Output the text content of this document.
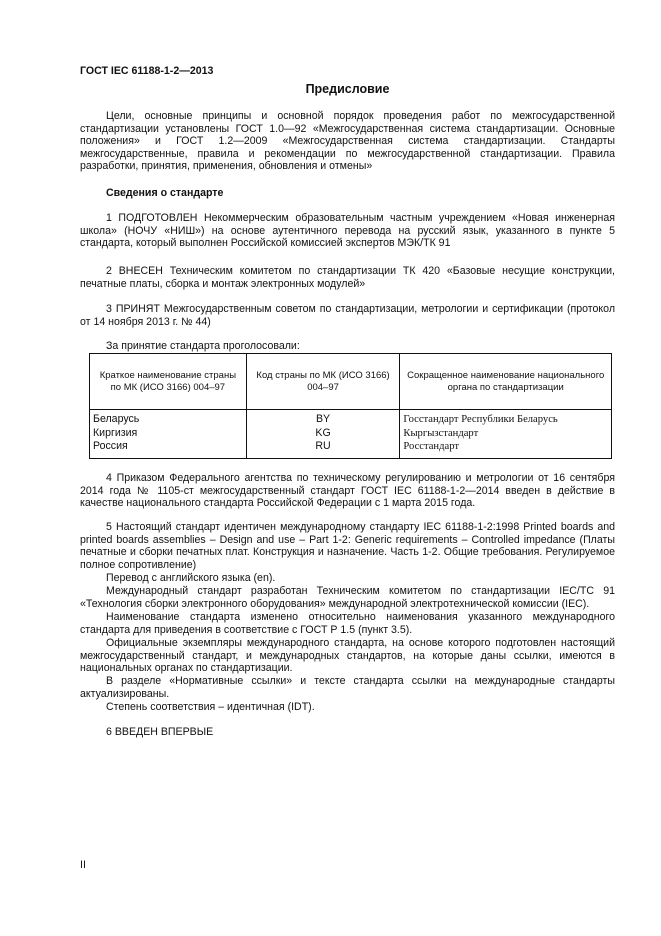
ГОСТ IEC 61188-1-2—2013
Предисловие

Цели, основные принципы и основной порядок проведения работ по межгосударственной стандартизации установлены ГОСТ 1.0—92 «Межгосударственная система стандартизации. Основные положения» и ГОСТ 1.2—2009 «Межгосударственная система стандартизации. Стандарты межгосударственные, правила и рекомендации по межгосударственной стандартизации. Правила разработки, принятия, применения, обновления и отмены»

Сведения о стандарте

1 ПОДГОТОВЛЕН Некоммерческим образовательным частным учреждением «Новая инженерная школа» (НОЧУ «НИШ») на основе аутентичного перевода на русский язык, указанного в пункте 5 стандарта, который выполнен Российской комиссией экспертов МЭК/ТК 91

2 ВНЕСЕН Техническим комитетом по стандартизации ТК 420 «Базовые несущие конструкции, печатные платы, сборка и монтаж электронных модулей»

3 ПРИНЯТ Межгосударственным советом по стандартизации, метрологии и сертификации (протокол от 14 ноября 2013 г. № 44)

За принятие стандарта проголосовали:

Краткое наименование страны по МК (ИСО 3166) 004–97	Код страны по МК (ИСО 3166) 004–97	Сокращенное наименование национального органа по стандартизации
Беларусь	BY	Госстандарт Республики Беларусь
Киргизия	KG	Кыргызстандарт
Россия	RU	Росстандарт

4 Приказом Федерального агентства по техническому регулированию и метрологии от 16 сентября 2014 года № 1105-ст межгосударственный стандарт ГОСТ IEC 61188-1-2—2014 введен в действие в качестве национального стандарта Российской Федерации с 1 марта 2015 года.

5 Настоящий стандарт идентичен международному стандарту IEC 61188-1-2:1998 Printed boards and printed boards assemblies – Design and use – Part 1-2: Generic requirements – Controlled impedance (Платы печатные и сборки печатных плат. Конструкция и назначение. Часть 1-2. Общие требования. Регулируемое полное сопротивление)

Перевод с английского языка (en).

Международный стандарт разработан Техническим комитетом по стандартизации IEC/TC 91 «Технология сборки электронного оборудования» международной электротехнической комиссии (IEC).

Наименование стандарта изменено относительно наименования указанного международного стандарта для приведения в соответствие с ГОСТ Р 1.5 (пункт 3.5).

Официальные экземпляры международного стандарта, на основе которого подготовлен настоящий межгосударственный стандарт, и международных стандартов, на которые даны ссылки, имеются в национальных органах по стандартизации.

В разделе «Нормативные ссылки» и тексте стандарта ссылки на международные стандарты актуализированы.

Степень соответствия – идентичная (IDT).

6 ВВЕДЕН ВПЕРВЫЕ

II
